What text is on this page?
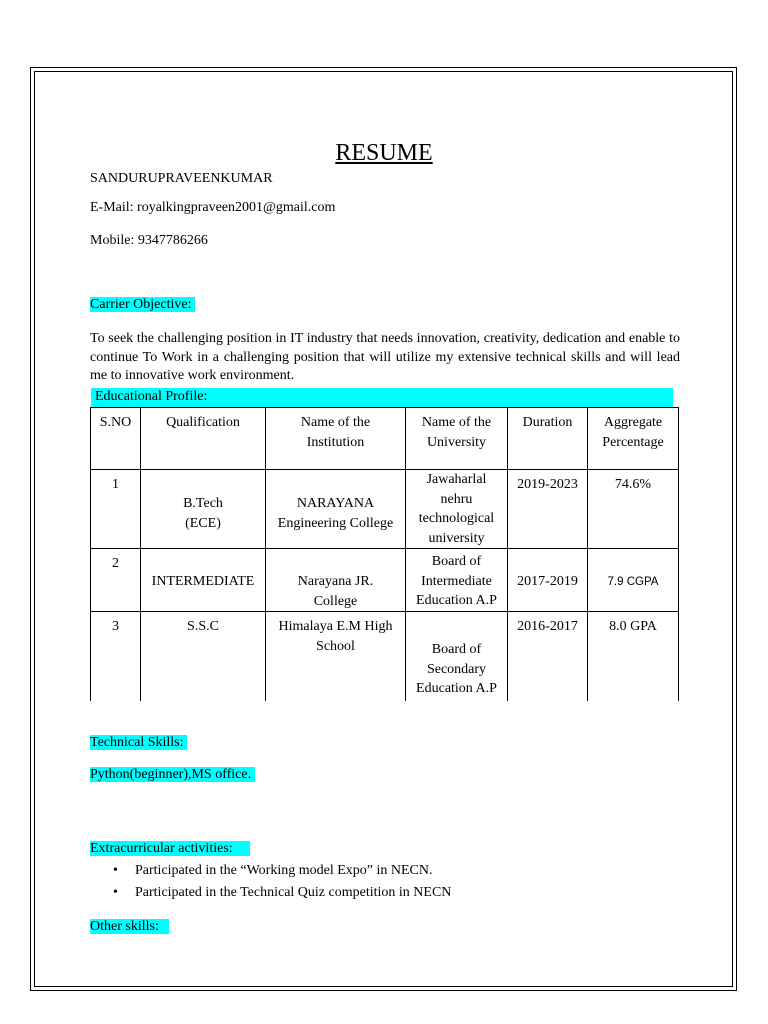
RESUME
SANDURUPRAVEENKUMAR
E-Mail: royalkingpraveen2001@gmail.com
Mobile: 9347786266
Carrier Objective:
To seek the challenging position in IT industry that needs innovation, creativity, dedication and enable to continue To Work in a challenging position that will utilize my extensive technical skills and will lead me to innovative work environment.
Educational Profile:
S.NO	Qualification	Name of the Institution	Name of the University	Duration	Aggregate Percentage

1	B.Tech (ECE)	NARAYANA Engineering College	Jawaharlal nehru technological university	2019-2023	74.6%
2	INTERMEDIATE	Narayana JR. College	Board of Intermediate Education A.P	2017-2019	7.9 CGPA
3	S.S.C	Himalaya E.M High School	Board of Secondary Education A.P	2016-2017	8.0 GPA
Technical Skills:
Python(beginner),MS office.
Extracurricular activities:
• Participated in the “Working model Expo” in NECN.
• Participated in the Technical Quiz competition in NECN
Other skills:
